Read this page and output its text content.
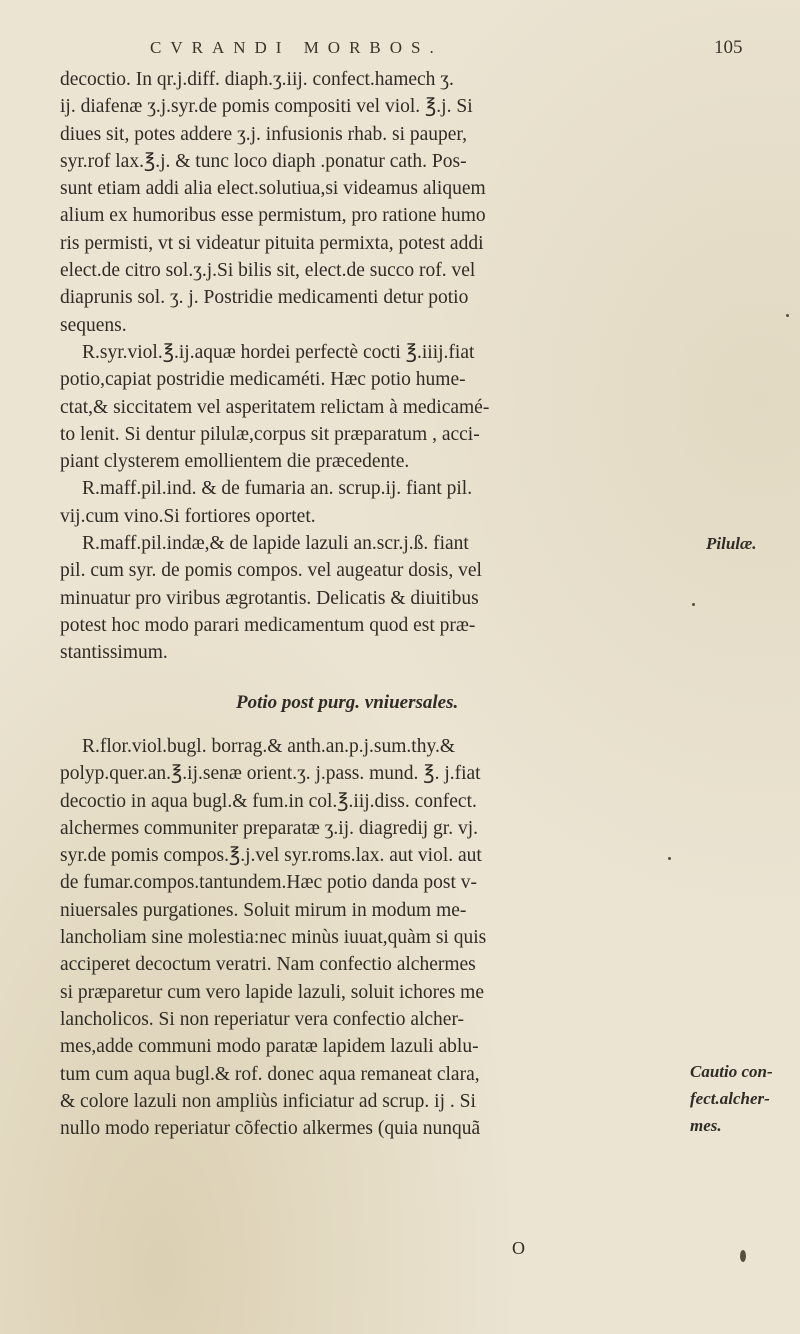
CVRANDI MORBOS.	105
decoctio. In qr.j.diff. diaph.ʒ.iij. confect.hamech ʒ.
ij. diafenæ ʒ.j.syr.de pomis compositi vel viol. ℥.j. Si
diues sit, potes addere ʒ.j. infusionis rhab. si pauper,
syr.rof lax.℥.j. & tunc loco diaph .ponatur cath. Pos-
sunt etiam addi alia elect.solutiua,si videamus aliquem
alium ex humoribus esse permistum, pro ratione humo
ris permisti, vt si videatur pituita permixta, potest addi
elect.de citro sol.ʒ.j.Si bilis sit, elect.de succo rof. vel
diaprunis sol. ʒ. j. Postridie medicamenti detur potio
sequens.
R.syr.viol.℥.ij.aquæ hordei perfectè cocti ℥.iiij.fiat
potio,capiat postridie medicaméti. Hæc potio hume-
ctat,& siccitatem vel asperitatem relictam à medicamé-
to lenit. Si dentur pilulæ,corpus sit præparatum , acci-
piant clysterem emollientem die præcedente.
R.maff.pil.ind. & de fumaria an. scrup.ij. fiant pil.
vij.cum vino.Si fortiores oportet.
R.maff.pil.indæ,& de lapide lazuli an.scr.j.ß. fiant
pil. cum syr. de pomis compos. vel augeatur dosis, vel
minuatur pro viribus ægrotantis. Delicatis & diuitibus
potest hoc modo parari medicamentum quod est præ-
stantissimum.
Potio post purg. vniuersales.
R.flor.viol.bugl. borrag.& anth.an.p.j.sum.thy.&
polyp.quer.an.℥.ij.senæ orient.ʒ. j.pass. mund. ℥. j.fiat
decoctio in aqua bugl.& fum.in col.℥.iij.diss. confect.
alchermes communiter preparatæ ʒ.ij. diagredij gr. vj.
syr.de pomis compos.℥.j.vel syr.roms.lax. aut viol. aut
de fumar.compos.tantundem.Hæc potio danda post v-
niuersales purgationes. Soluit mirum in modum me-
lancholiam sine molestia:nec minùs iuuat,quàm si quis
acciperet decoctum veratri. Nam confectio alchermes
si præparetur cum vero lapide lazuli, soluit ichores me
lancholicos. Si non reperiatur vera confectio alcher-
mes,adde communi modo paratæ lapidem lazuli ablu-
tum cum aqua bugl.& rof. donec aqua remaneat clara,
& colore lazuli non ampliùs inficiatur ad scrup. ij . Si
nullo modo reperiatur cõfectio alkermes (quia nunquã
Pilulæ.
Cautio con-
fect.alcher-
mes.
O
